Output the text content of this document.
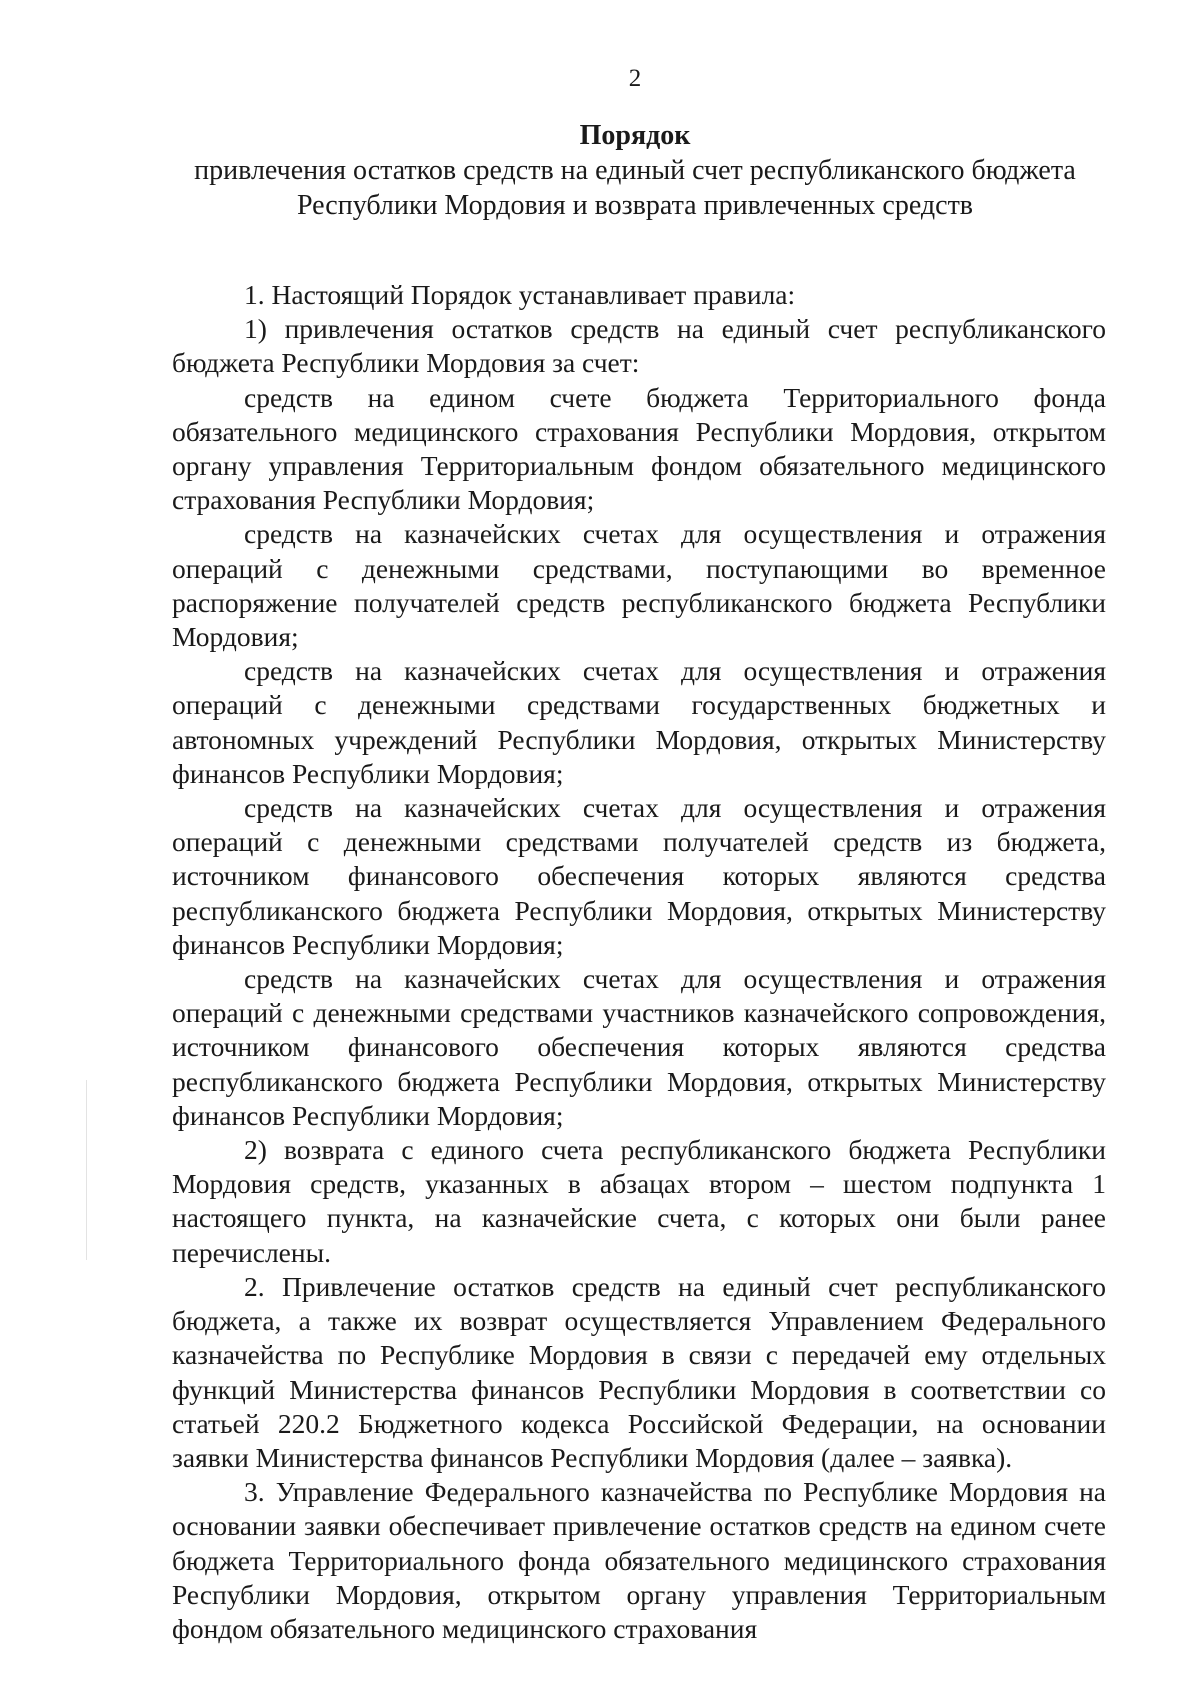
2
Порядок
привлечения остатков средств на единый счет республиканского бюджета
Республики Мордовия и возврата привлеченных средств

1. Настоящий Порядок устанавливает правила:

1) привлечения остатков средств на единый счет республиканского бюджета Республики Мордовия за счет:

средств на едином счете бюджета Территориального фонда обязательного медицинского страхования Республики Мордовия, открытом органу управления Территориальным фондом обязательного медицинского страхования Республики Мордовия;

средств на казначейских счетах для осуществления и отражения операций с денежными средствами, поступающими во временное распоряжение получателей средств республиканского бюджета Республики Мордовия;

средств на казначейских счетах для осуществления и отражения операций с денежными средствами государственных бюджетных и автономных учреждений Республики Мордовия, открытых Министерству финансов Республики Мордовия;

средств на казначейских счетах для осуществления и отражения операций с денежными средствами получателей средств из бюджета, источником финансового обеспечения которых являются средства республиканского бюджета Республики Мордовия, открытых Министерству финансов Республики Мордовия;

средств на казначейских счетах для осуществления и отражения операций с денежными средствами участников казначейского сопровождения, источником финансового обеспечения которых являются средства республиканского бюджета Республики Мордовия, открытых Министерству финансов Республики Мордовия;

2) возврата с единого счета республиканского бюджета Республики Мордовия средств, указанных в абзацах втором – шестом подпункта 1 настоящего пункта, на казначейские счета, с которых они были ранее перечислены.

2. Привлечение остатков средств на единый счет республиканского бюджета, а также их возврат осуществляется Управлением Федерального казначейства по Республике Мордовия в связи с передачей ему отдельных функций Министерства финансов Республики Мордовия в соответствии со статьей 220.2 Бюджетного кодекса Российской Федерации, на основании заявки Министерства финансов Республики Мордовия (далее – заявка).

3. Управление Федерального казначейства по Республике Мордовия на основании заявки обеспечивает привлечение остатков средств на едином счете бюджета Территориального фонда обязательного медицинского страхования Республики Мордовия, открытом органу управления Территориальным фондом обязательного медицинского страхования
